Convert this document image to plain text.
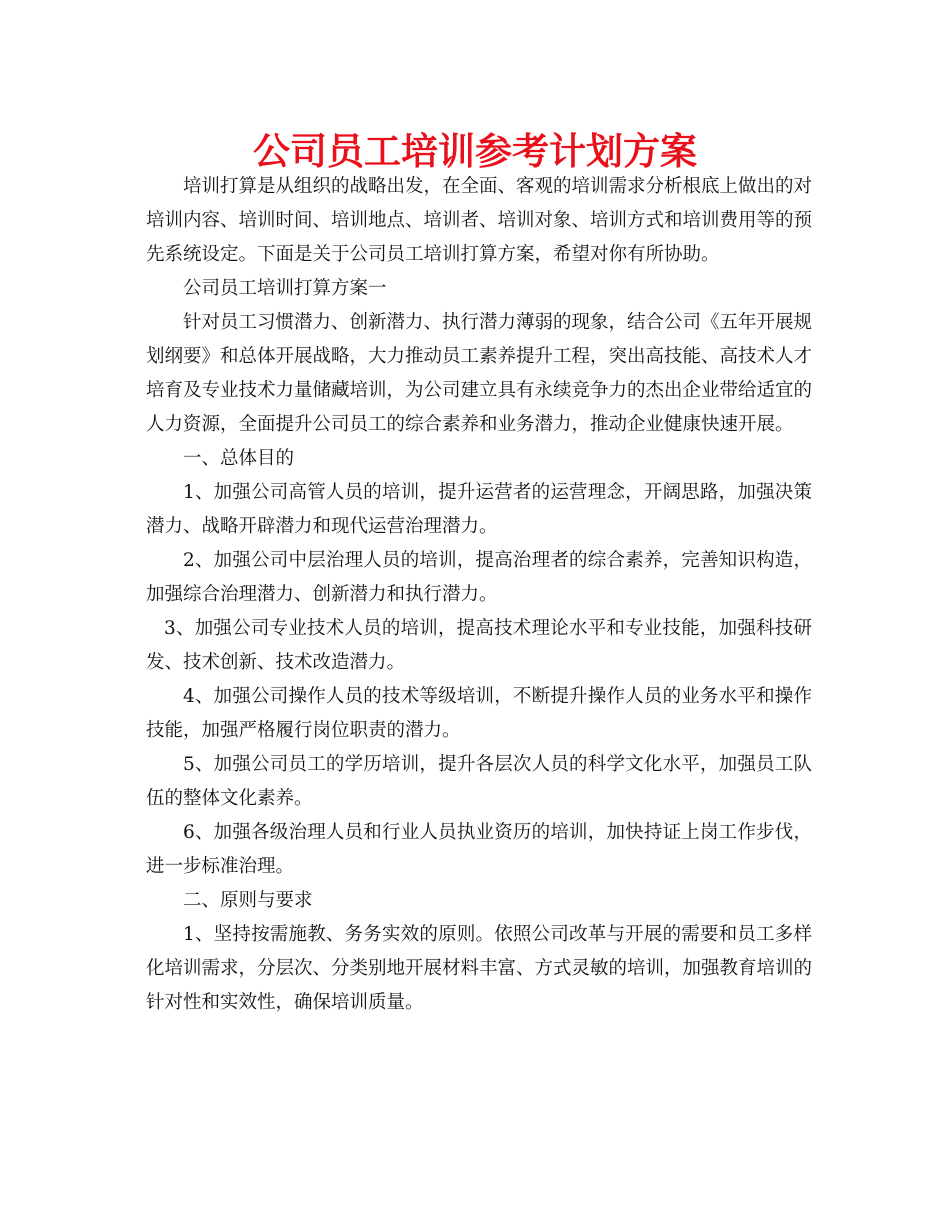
公司员工培训参考计划方案

培训打算是从组织的战略出发，在全面、客观的培训需求分析根底上做出的对培训内容、培训时间、培训地点、培训者、培训对象、培训方式和培训费用等的预先系统设定。下面是关于公司员工培训打算方案，希望对你有所协助。

公司员工培训打算方案一

针对员工习惯潜力、创新潜力、执行潜力薄弱的现象，结合公司《五年开展规划纲要》和总体开展战略，大力推动员工素养提升工程，突出高技能、高技术人才培育及专业技术力量储藏培训，为公司建立具有永续竞争力的杰出企业带给适宜的人力资源，全面提升公司员工的综合素养和业务潜力，推动企业健康快速开展。

一、总体目的

1、加强公司高管人员的培训，提升运营者的运营理念，开阔思路，加强决策潜力、战略开辟潜力和现代运营治理潜力。

2、加强公司中层治理人员的培训，提高治理者的综合素养，完善知识构造，加强综合治理潜力、创新潜力和执行潜力。

3、加强公司专业技术人员的培训，提高技术理论水平和专业技能，加强科技研发、技术创新、技术改造潜力。

4、加强公司操作人员的技术等级培训，不断提升操作人员的业务水平和操作技能，加强严格履行岗位职责的潜力。

5、加强公司员工的学历培训，提升各层次人员的科学文化水平，加强员工队伍的整体文化素养。

6、加强各级治理人员和行业人员执业资历的培训，加快持证上岗工作步伐，进一步标准治理。

二、原则与要求

1、坚持按需施教、务务实效的原则。依照公司改革与开展的需要和员工多样化培训需求，分层次、分类别地开展材料丰富、方式灵敏的培训，加强教育培训的针对性和实效性，确保培训质量。
